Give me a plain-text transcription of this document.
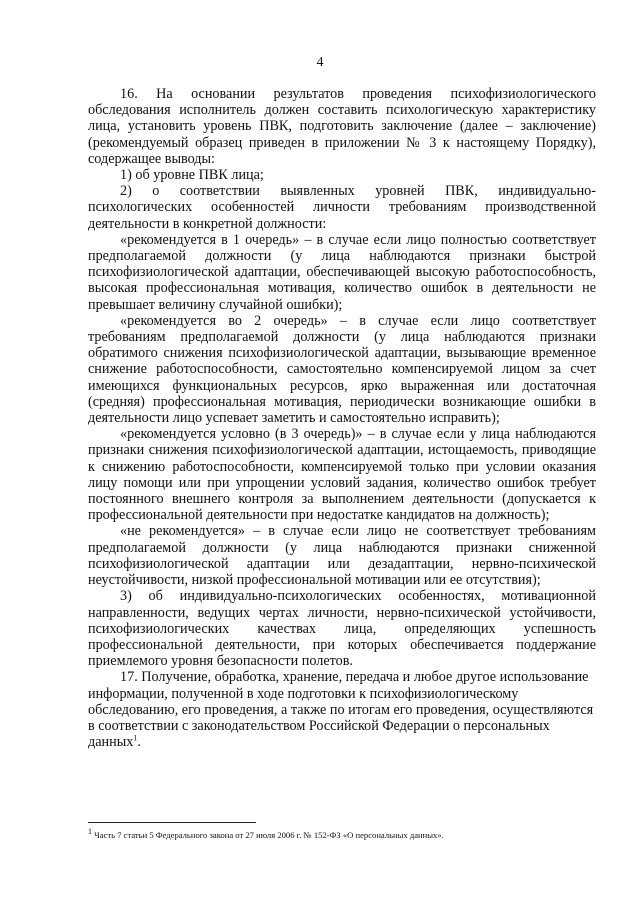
4

16. На основании результатов проведения психофизиологического обследования исполнитель должен составить психологическую характеристику лица, установить уровень ПВК, подготовить заключение (далее – заключение) (рекомендуемый образец приведен в приложении № 3 к настоящему Порядку), содержащее выводы:

1) об уровне ПВК лица;

2) о соответствии выявленных уровней ПВК, индивидуально-психологических особенностей личности требованиям производственной деятельности в конкретной должности:

«рекомендуется в 1 очередь» – в случае если лицо полностью соответствует предполагаемой должности (у лица наблюдаются признаки быстрой психофизиологической адаптации, обеспечивающей высокую работоспособность, высокая профессиональная мотивация, количество ошибок в деятельности не превышает величину случайной ошибки);

«рекомендуется во 2 очередь» – в случае если лицо соответствует требованиям предполагаемой должности (у лица наблюдаются признаки обратимого снижения психофизиологической адаптации, вызывающие временное снижение работоспособности, самостоятельно компенсируемой лицом за счет имеющихся функциональных ресурсов, ярко выраженная или достаточная (средняя) профессиональная мотивация, периодически возникающие ошибки в деятельности лицо успевает заметить и самостоятельно исправить);

«рекомендуется условно (в 3 очередь)» – в случае если у лица наблюдаются признаки снижения психофизиологической адаптации, истощаемость, приводящие к снижению работоспособности, компенсируемой только при условии оказания лицу помощи или при упрощении условий задания, количество ошибок требует постоянного внешнего контроля за выполнением деятельности (допускается к профессиональной деятельности при недостатке кандидатов на должность);

«не рекомендуется» – в случае если лицо не соответствует требованиям предполагаемой должности (у лица наблюдаются признаки сниженной психофизиологической адаптации или дезадаптации, нервно-психической неустойчивости, низкой профессиональной мотивации или ее отсутствия);

3) об индивидуально-психологических особенностях, мотивационной направленности, ведущих чертах личности, нервно-психической устойчивости, психофизиологических качествах лица, определяющих успешность профессиональной деятельности, при которых обеспечивается поддержание приемлемого уровня безопасности полетов.

17. Получение, обработка, хранение, передача и любое другое использование информации, полученной в ходе подготовки к психофизиологическому обследованию, его проведения, а также по итогам его проведения, осуществляются в соответствии с законодательством Российской Федерации о персональных данных$^1$.

$^1$ Часть 7 статьи 5 Федерального закона от 27 июля 2006 г. № 152-ФЗ «О персональных данных».
